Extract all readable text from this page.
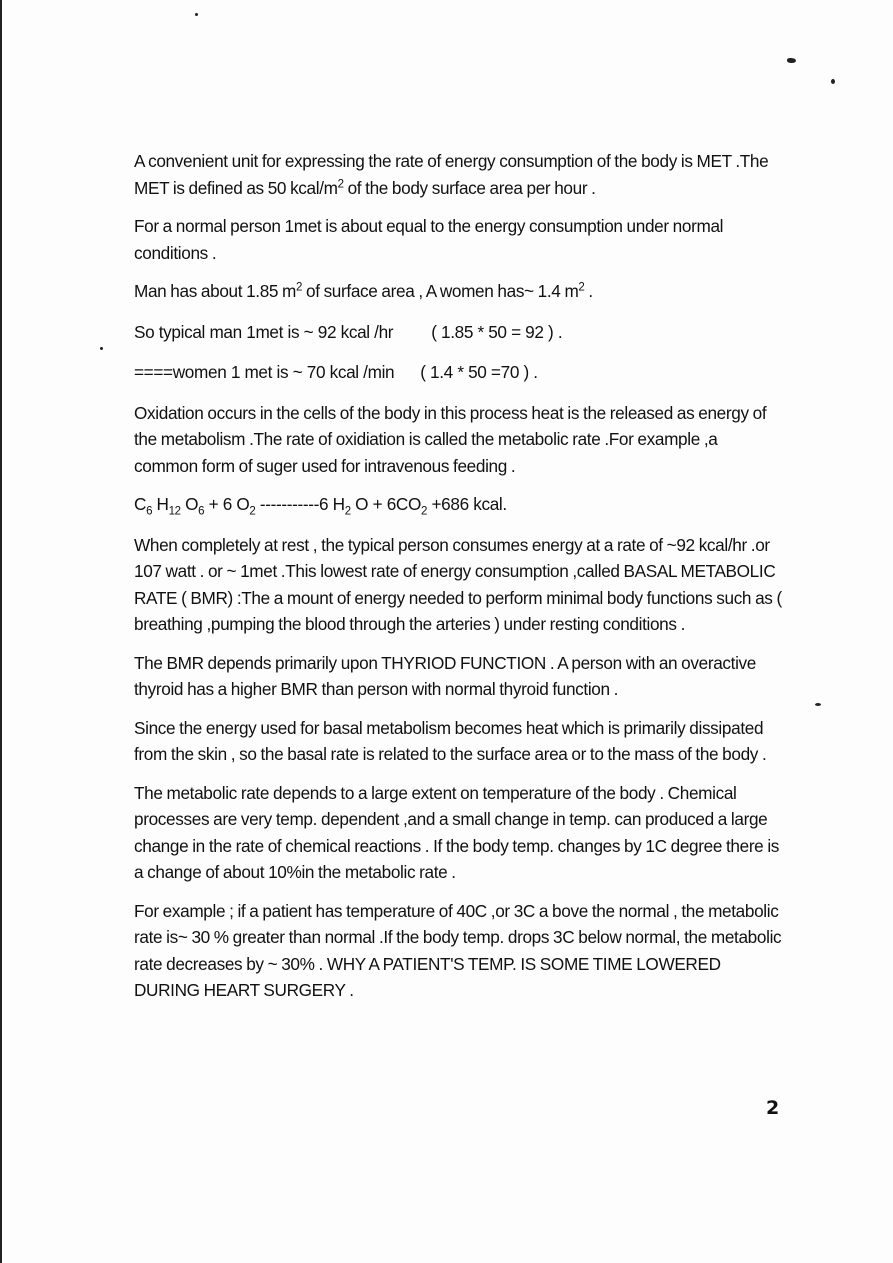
A convenient unit for expressing the rate of energy consumption of the body is MET .The MET is defined as 50 kcal/$m^2$ of the body surface area per hour .

For a normal person 1met is about equal to the energy consumption under normal conditions .

Man has about 1.85 $m^2$ of surface area , A women has~ 1.4 $m^2$ .

So typical man 1met is ~ 92 kcal /hr ( 1.85 * 50 = 92 ) .
====women 1 met is ~ 70 kcal /min ( 1.4 * 50 =70 ) .

Oxidation occurs in the cells of the body in this process heat is the released as energy of the metabolism .The rate of oxidiation is called the metabolic rate .For example ,a common form of suger used for intravenous feeding .

$C_6$ $H_{12}$ $O_6 + 6$ $O_2$ -----------6 $H_2$ $O + 6CO_2 +686$ kcal.

When completely at rest , the typical person consumes energy at a rate of ~92 kcal/hr .or 107 watt . or ~ 1met .This lowest rate of energy consumption ,called BASAL METABOLIC RATE ( BMR) :The a mount of energy needed to perform minimal body functions such as ( breathing ,pumping the blood through the arteries ) under resting conditions .

The BMR depends primarily upon THYRIOD FUNCTION . A person with an overactive thyroid has a higher BMR than person with normal thyroid function .

Since the energy used for basal metabolism becomes heat which is primarily dissipated from the skin , so the basal rate is related to the surface area or to the mass of the body .

The metabolic rate depends to a large extent on temperature of the body . Chemical processes are very temp. dependent ,and a small change in temp. can produced a large change in the rate of chemical reactions . If the body temp. changes by 1C degree there is a change of about 10%in the metabolic rate .

For example ; if a patient has temperature of 40C ,or 3C a bove the normal , the metabolic rate is~ 30 % greater than normal .If the body temp. drops 3C below normal, the metabolic rate decreases by ~ 30% . WHY A PATIENT'S TEMP. IS SOME TIME LOWERED DURING HEART SURGERY .

2
